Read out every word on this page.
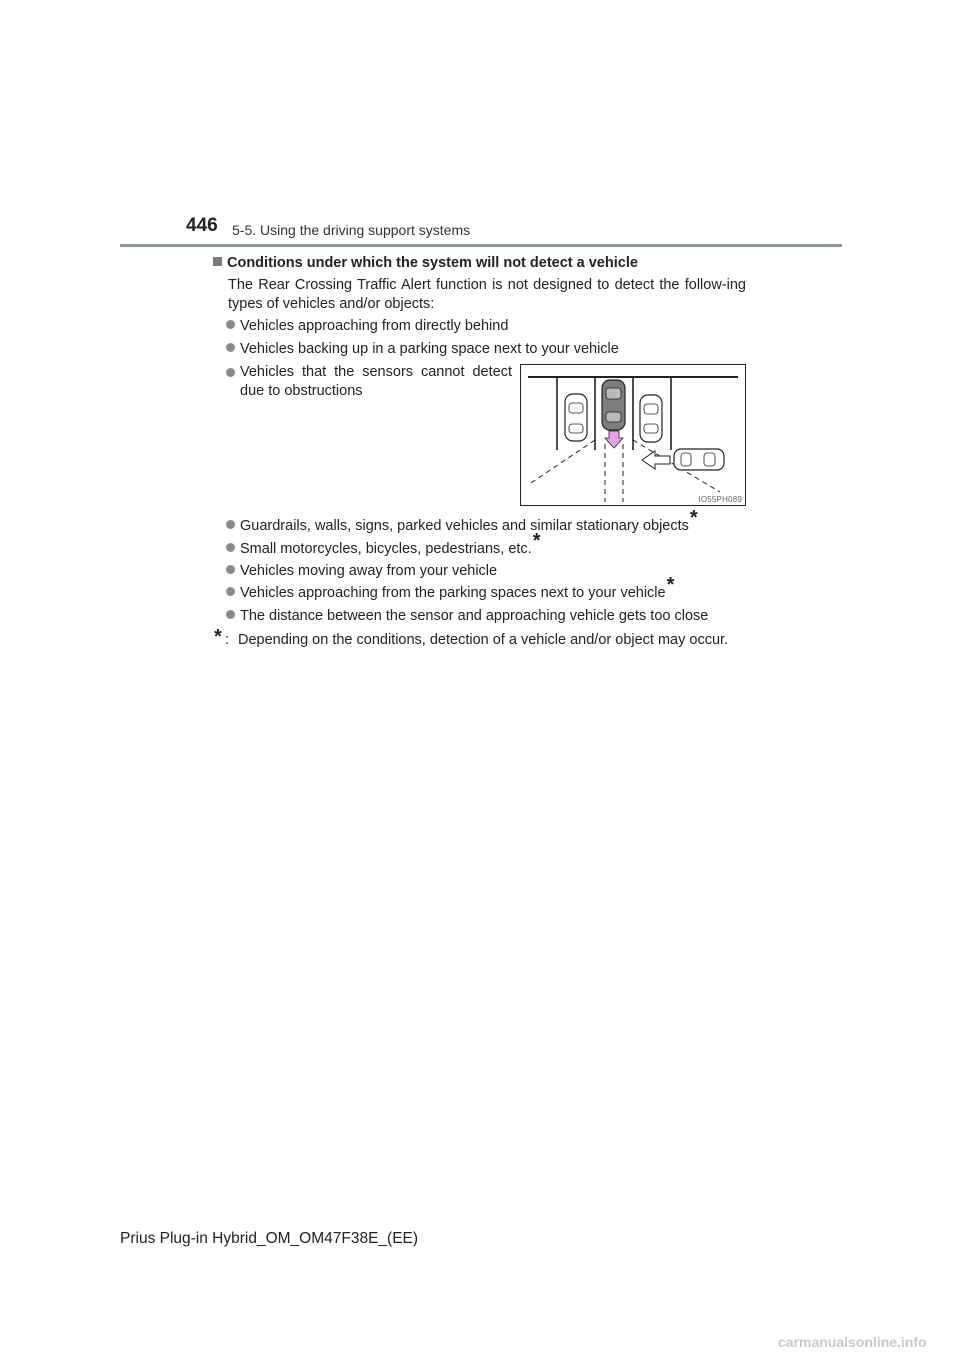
446 5-5. Using the driving support systems
Conditions under which the system will not detect a vehicle
The Rear Crossing Traffic Alert function is not designed to detect the follow-ing types of vehicles and/or objects:
Vehicles approaching from directly behind
Vehicles backing up in a parking space next to your vehicle
Vehicles that the sensors cannot detect due to obstructions
IO55PH089
Guardrails, walls, signs, parked vehicles and similar stationary objects*
Small motorcycles, bicycles, pedestrians, etc.*
Vehicles moving away from your vehicle
Vehicles approaching from the parking spaces next to your vehicle*
The distance between the sensor and approaching vehicle gets too close
* : Depending on the conditions, detection of a vehicle and/or object may occur.
Prius Plug-in Hybrid_OM_OM47F38E_(EE)
carmanualsonline.info
